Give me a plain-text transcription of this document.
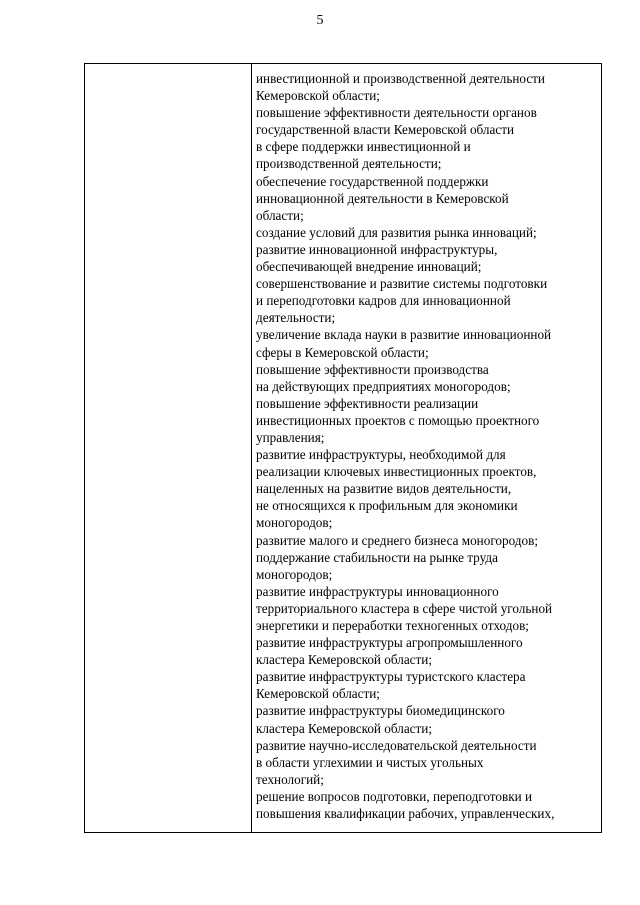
5

инвестиционной и производственной деятельности
Кемеровской области;
повышение эффективности деятельности органов
государственной власти Кемеровской области
в сфере поддержки инвестиционной и
производственной деятельности;
обеспечение государственной поддержки
инновационной деятельности в Кемеровской
области;
создание условий для развития рынка инноваций;
развитие инновационной инфраструктуры,
обеспечивающей внедрение инноваций;
совершенствование и развитие системы подготовки
и переподготовки кадров для инновационной
деятельности;
увеличение вклада науки в развитие инновационной
сферы в Кемеровской области;
повышение эффективности производства
на действующих предприятиях моногородов;
повышение эффективности реализации
инвестиционных проектов с помощью проектного
управления;
развитие инфраструктуры, необходимой для
реализации ключевых инвестиционных проектов,
нацеленных на развитие видов деятельности,
не относящихся к профильным для экономики
моногородов;
развитие малого и среднего бизнеса моногородов;
поддержание стабильности на рынке труда
моногородов;
развитие инфраструктуры инновационного
территориального кластера в сфере чистой угольной
энергетики и переработки техногенных отходов;
развитие инфраструктуры агропромышленного
кластера Кемеровской области;
развитие инфраструктуры туристского кластера
Кемеровской области;
развитие инфраструктуры биомедицинского
кластера Кемеровской области;
развитие научно-исследовательской деятельности
в области углехимии и чистых угольных
технологий;
решение вопросов подготовки, переподготовки и
повышения квалификации рабочих, управленческих,
